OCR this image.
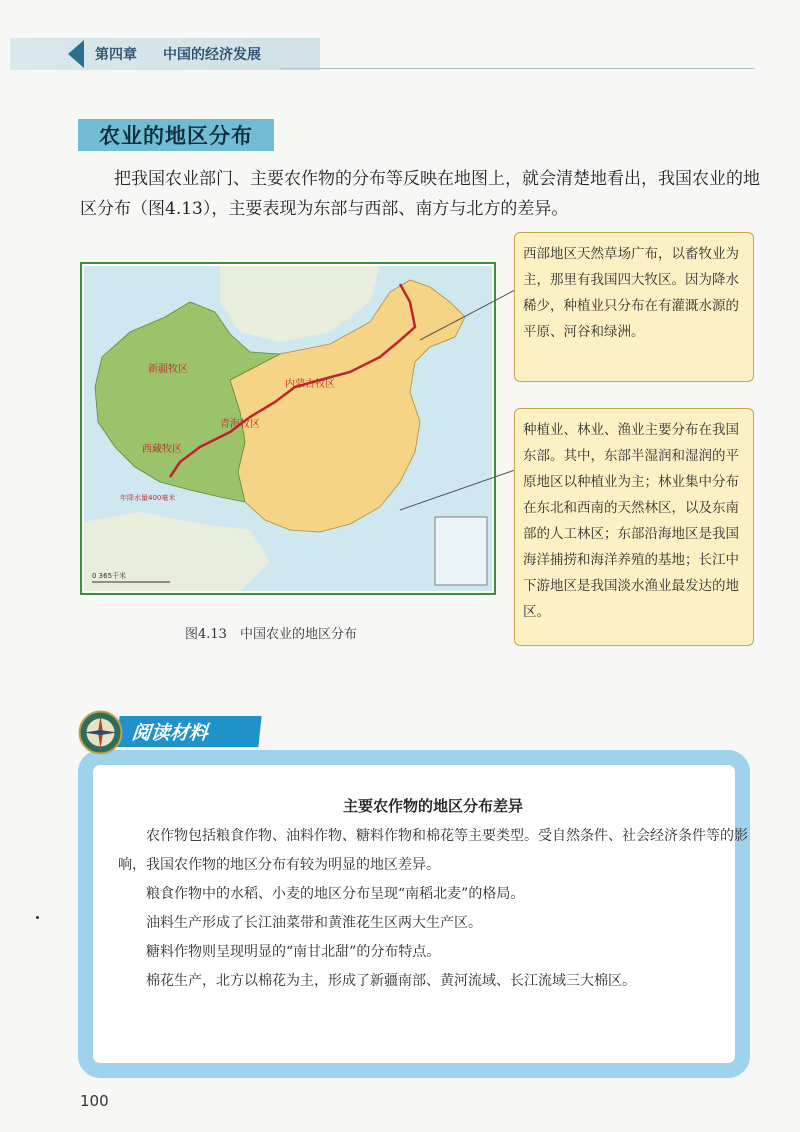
第四章 中国的经济发展
农业的地区分布

把我国农业部门、主要农作物的分布等反映在地图上，就会清楚地看出，我国农业的地区分布（图4.13），主要表现为东部与西部、南方与北方的差异。

新疆牧区
青海牧区
西藏牧区
内蒙古牧区
年降水量400毫米
0 365千米
图4.13　中国农业的地区分布
西部地区天然草场广布，以畜牧业为主，那里有我国四大牧区。因为降水稀少，种植业只分布在有灌溉水源的平原、河谷和绿洲。
种植业、林业、渔业主要分布在我国东部。其中，东部半湿润和湿润的平原地区以种植业为主；林业集中分布在东北和西南的天然林区，以及东南部的人工林区；东部沿海地区是我国海洋捕捞和海洋养殖的基地；长江中下游地区是我国淡水渔业最发达的地区。
主要农作物的地区分布差异

农作物包括粮食作物、油料作物、糖料作物和棉花等主要类型。受自然条件、社会经济条件等的影响，我国农作物的地区分布有较为明显的地区差异。

粮食作物中的水稻、小麦的地区分布呈现“南稻北麦”的格局。

油料生产形成了长江油菜带和黄淮花生区两大生产区。

糖料作物则呈现明显的“南甘北甜”的分布特点。

棉花生产，北方以棉花为主，形成了新疆南部、黄河流域、长江流域三大棉区。

阅读材料
100
